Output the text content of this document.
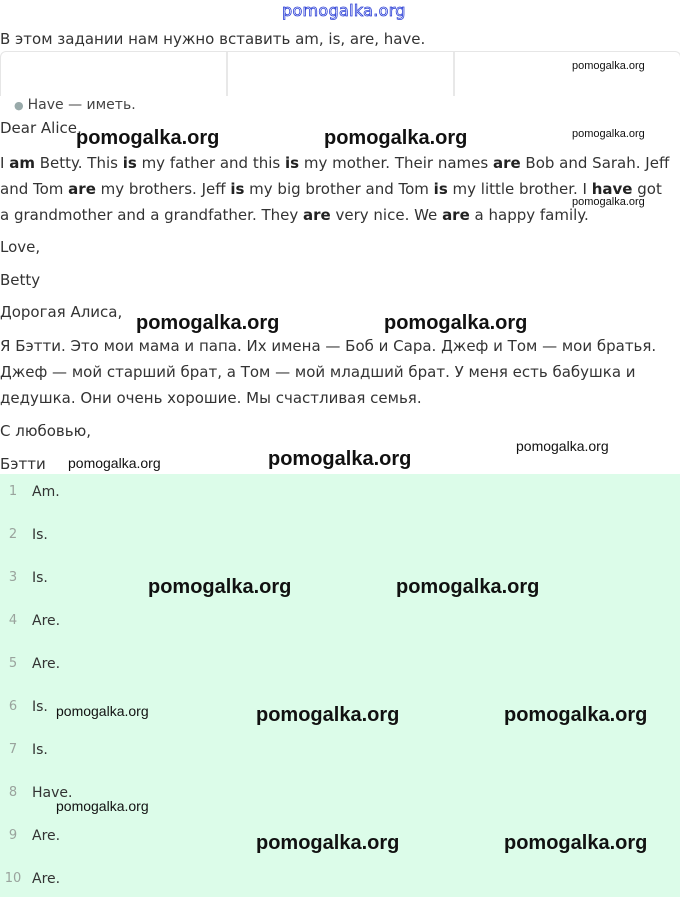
pomogalka.org
В этом задании нам нужно вставить am, is, are, have.
● Have — иметь.
Dear Alice,

I am Betty. This is my father and this is my mother. Their names are Bob and Sarah. Jeff and Tom are my brothers. Jeff is my big brother and Tom is my little brother. I have got a grandmother and a grandfather. They are very nice. We are a happy family.

Love,
Betty
Дорогая Алиса,

Я Бэтти. Это мои мама и папа. Их имена — Боб и Сара. Джеф и Том — мои братья. Джеф — мой старший брат, а Том — мой младший брат. У меня есть бабушка и дедушка. Они очень хорошие. Мы счастливая семья.

С любовью,
Бэтти
1	Am.
2	Is.
3	Is.
4	Are.
5	Are.
6	Is.
7	Is.
8	Have.
9	Are.
10 Are.
pomogalka.org
pomogalka.org	pomogalka.org	pomogalka.org
pomogalka.org
pomogalka.org	pomogalka.org
pomogalka.org
pomogalka.org	pomogalka.org
pomogalka.org	pomogalka.org
pomogalka.org	pomogalka.org	pomogalka.org
pomogalka.org
pomogalka.org	pomogalka.org
